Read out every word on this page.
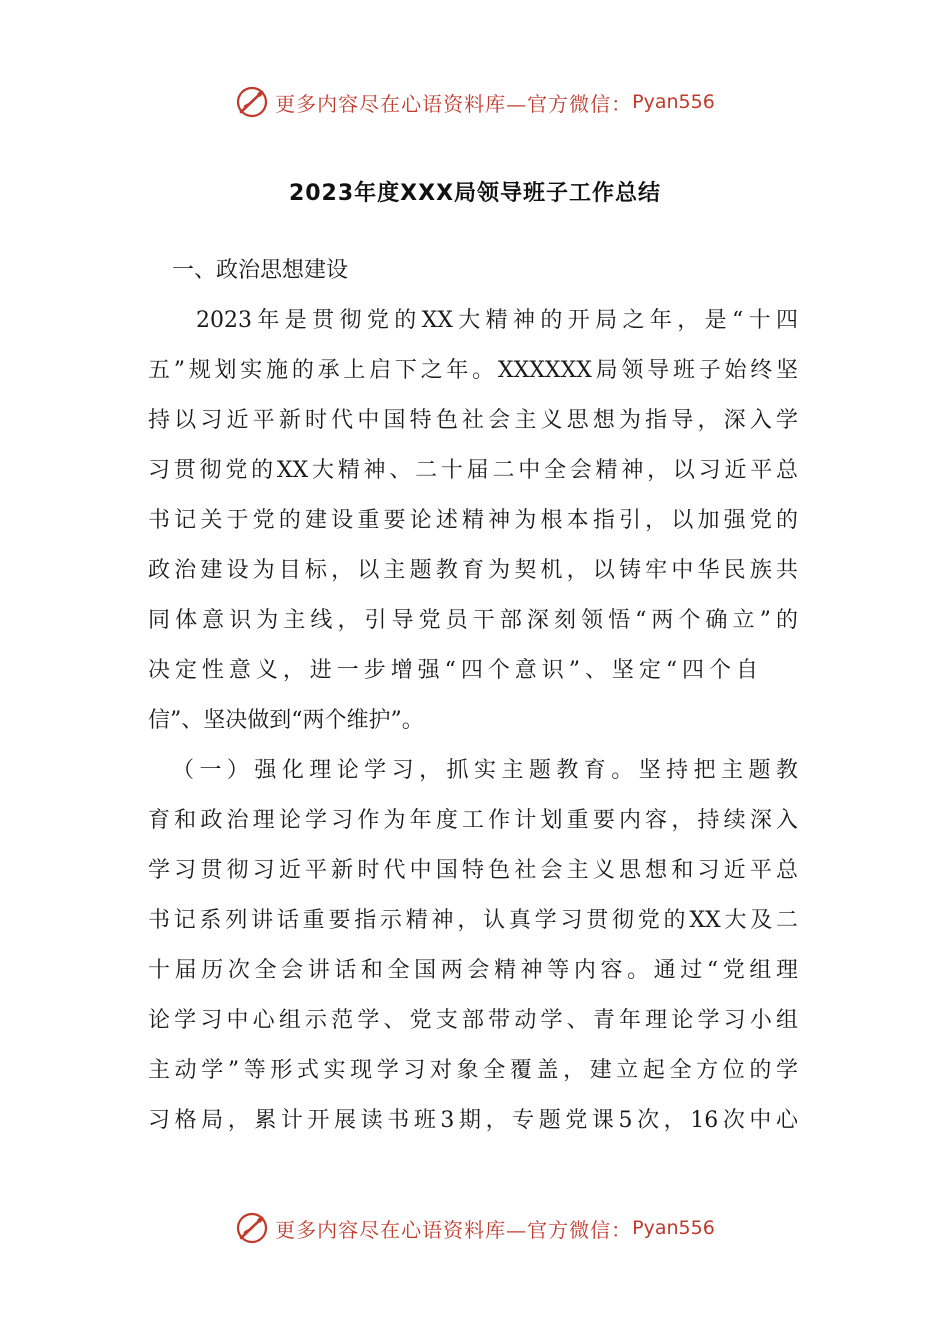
更多内容尽在心语资料库—官方微信： Pyan556
2023年度XXX局领导班子工作总结
一、政治思想建设
2023年是贯彻党的XX大精神的开局之年，是“十四
五”规划实施的承上启下之年。XXXXXX局领导班子始终坚
持以习近平新时代中国特色社会主义思想为指导，深入学
习贯彻党的XX大精神、二十届二中全会精神，以习近平总
书记关于党的建设重要论述精神为根本指引，以加强党的
政治建设为目标，以主题教育为契机，以铸牢中华民族共
同体意识为主线，引导党员干部深刻领悟“两个确立”的
决定性意义，进一步增强“四个意识”、坚定“四个自
信”、坚决做到“两个维护”。
（一）强化理论学习，抓实主题教育。坚持把主题教
育和政治理论学习作为年度工作计划重要内容，持续深入
学习贯彻习近平新时代中国特色社会主义思想和习近平总
书记系列讲话重要指示精神，认真学习贯彻党的XX大及二
十届历次全会讲话和全国两会精神等内容。通过“党组理
论学习中心组示范学、党支部带动学、青年理论学习小组
主动学”等形式实现学习对象全覆盖，建立起全方位的学
习格局，累计开展读书班3期，专题党课5次，16次中心
更多内容尽在心语资料库—官方微信： Pyan556
